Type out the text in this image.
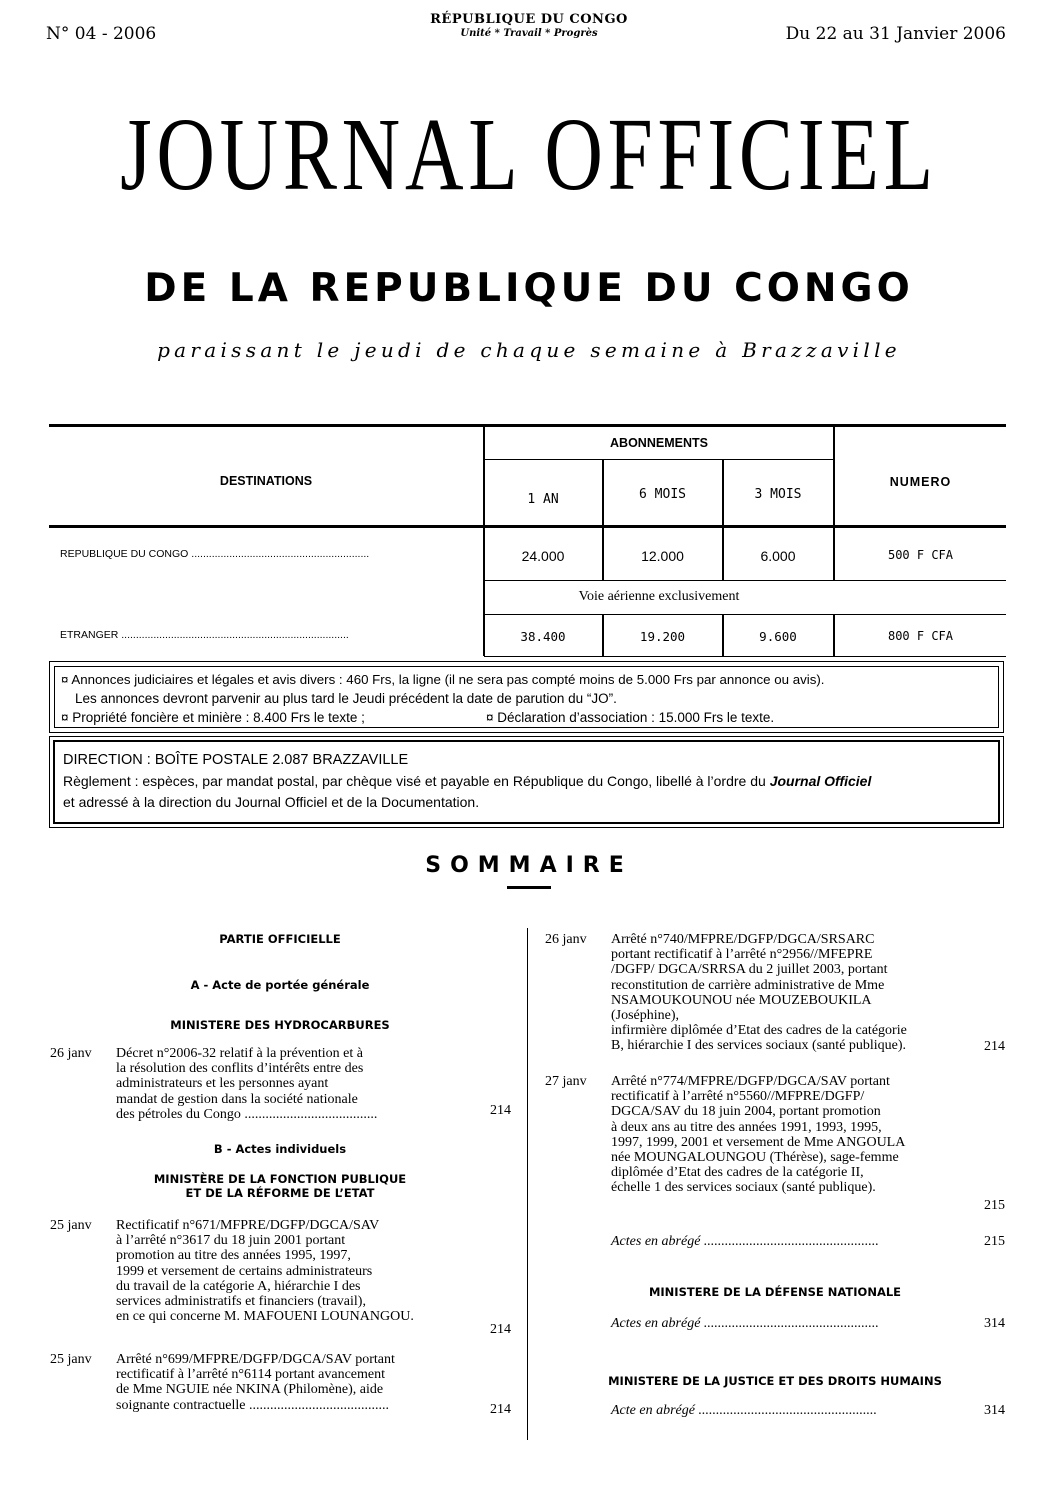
N° 04 - 2006
RÉPUBLIQUE DU CONGO
Unité * Travail * Progrès	Du 22 au 31 Janvier 2006
JOURNAL OFFICIEL
DE LA REPUBLIQUE DU CONGO
paraissant le jeudi de chaque semaine à Brazzaville
DESTINATIONS
ABONNEMENTS
1 AN	6 MOIS	3 MOIS
NUMERO
REPUBLIQUE DU CONGO .............................................................	24.000	12.000	6.000	500 F CFA
Voie aérienne exclusivement
ETRANGER ..............................................................................	38.400	19.200	9.600	800 F CFA
¤ Annonces judiciaires et légales et avis divers : 460 Frs, la ligne (il ne sera pas compté moins de 5.000 Frs par annonce ou avis).
Les annonces devront parvenir au plus tard le Jeudi précédent la date de parution du “JO”.
¤ Propriété foncière et minière : 8.400 Frs le texte ;	¤ Déclaration d’association : 15.000 Frs le texte.
DIRECTION : BOÎTE POSTALE 2.087 BRAZZAVILLE
Règlement : espèces, par mandat postal, par chèque visé et payable en République du Congo, libellé à l’ordre du Journal Officiel
et adressé à la direction du Journal Officiel et de la Documentation.
SOMMAIRE
PARTIE OFFICIELLE
A - Acte de portée générale
MINISTERE DES HYDROCARBURES
26 janv Décret n°2006-32 relatif à la prévention et à
la résolution des conflits d’intérêts entre des
administrateurs et les personnes ayant
mandat de gestion dans la société nationale
des pétroles du Congo ......................................	214
B - Actes individuels
MINISTÈRE DE LA FONCTION PUBLIQUE
ET DE LA RÉFORME DE L’ETAT
25 janv Rectificatif n°671/MFPRE/DGFP/DGCA/SAV
à l’arrêté n°3617 du 18 juin 2001 portant
promotion au titre des années 1995, 1997,
1999 et versement de certains administrateurs
du travail de la catégorie A, hiérarchie I des
services administratifs et financiers (travail),
en ce qui concerne M. MAFOUENI LOUNANGOU.
214
25 janv Arrêté n°699/MFPRE/DGFP/DGCA/SAV portant
rectificatif à l’arrêté n°6114 portant avancement
de Mme NGUIE née NKINA (Philomène), aide
soignante contractuelle ........................................	214
26 janv Arrêté n°740/MFPRE/DGFP/DGCA/SRSARC
portant rectificatif à l’arrêté n°2956//MFEPRE
/DGFP/ DGCA/SRRSA du 2 juillet 2003, portant
reconstitution de carrière administrative de Mme
NSAMOUKOUNOU née MOUZEBOUKILA (Joséphine),
infirmière diplômée d’Etat des cadres de la catégorie
B, hiérarchie I des services sociaux (santé publique).	214
27 janv Arrêté n°774/MFPRE/DGFP/DGCA/SAV portant
rectificatif à l’arrêté n°5560//MFPRE/DGFP/
DGCA/SAV du 18 juin 2004, portant promotion
à deux ans au titre des années 1991, 1993, 1995,
1997, 1999, 2001 et versement de Mme ANGOULA
née MOUNGALOUNGOU (Thérèse), sage-femme
diplômée d’Etat des cadres de la catégorie II,
échelle 1 des services sociaux (santé publique).
215
Actes en abrégé ..................................................	215
MINISTERE DE LA DÉFENSE NATIONALE
Actes en abrégé ..................................................	314
MINISTERE DE LA JUSTICE ET DES DROITS HUMAINS
Acte en abrégé ...................................................	314
